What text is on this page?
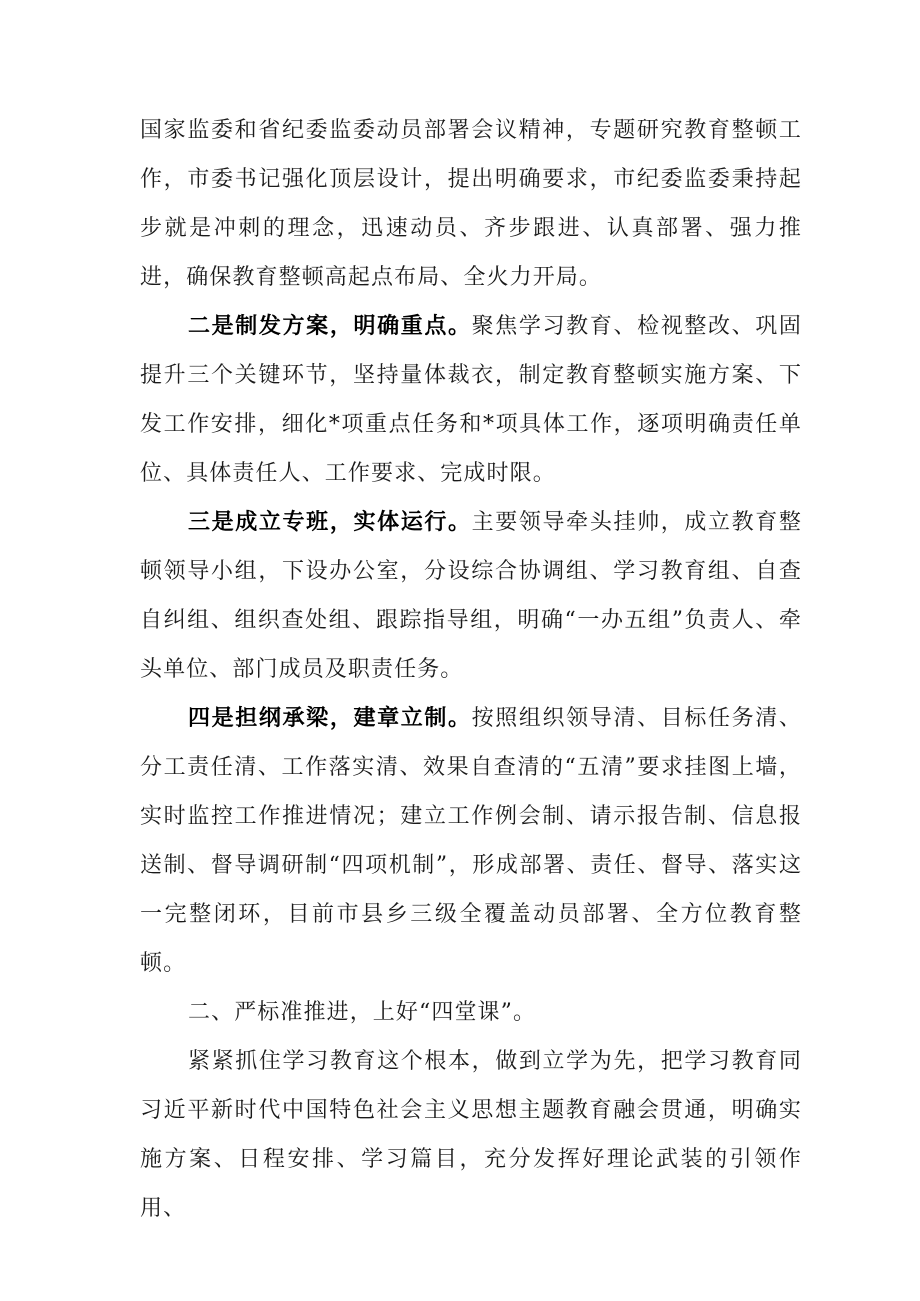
国家监委和省纪委监委动员部署会议精神，专题研究教育整顿工作，市委书记强化顶层设计，提出明确要求，市纪委监委秉持起步就是冲刺的理念，迅速动员、齐步跟进、认真部署、强力推进，确保教育整顿高起点布局、全火力开局。

二是制发方案，明确重点。聚焦学习教育、检视整改、巩固提升三个关键环节，坚持量体裁衣，制定教育整顿实施方案、下发工作安排，细化*项重点任务和*项具体工作，逐项明确责任单位、具体责任人、工作要求、完成时限。

三是成立专班，实体运行。主要领导牵头挂帅，成立教育整顿领导小组，下设办公室，分设综合协调组、学习教育组、自查自纠组、组织查处组、跟踪指导组，明确“一办五组”负责人、牵头单位、部门成员及职责任务。

四是担纲承梁，建章立制。按照组织领导清、目标任务清、分工责任清、工作落实清、效果自查清的“五清”要求挂图上墙，实时监控工作推进情况；建立工作例会制、请示报告制、信息报送制、督导调研制“四项机制”，形成部署、责任、督导、落实这一完整闭环，目前市县乡三级全覆盖动员部署、全方位教育整顿。

二、严标准推进，上好“四堂课”。

紧紧抓住学习教育这个根本，做到立学为先，把学习教育同习近平新时代中国特色社会主义思想主题教育融会贯通，明确实施方案、日程安排、学习篇目，充分发挥好理论武装的引领作用、
